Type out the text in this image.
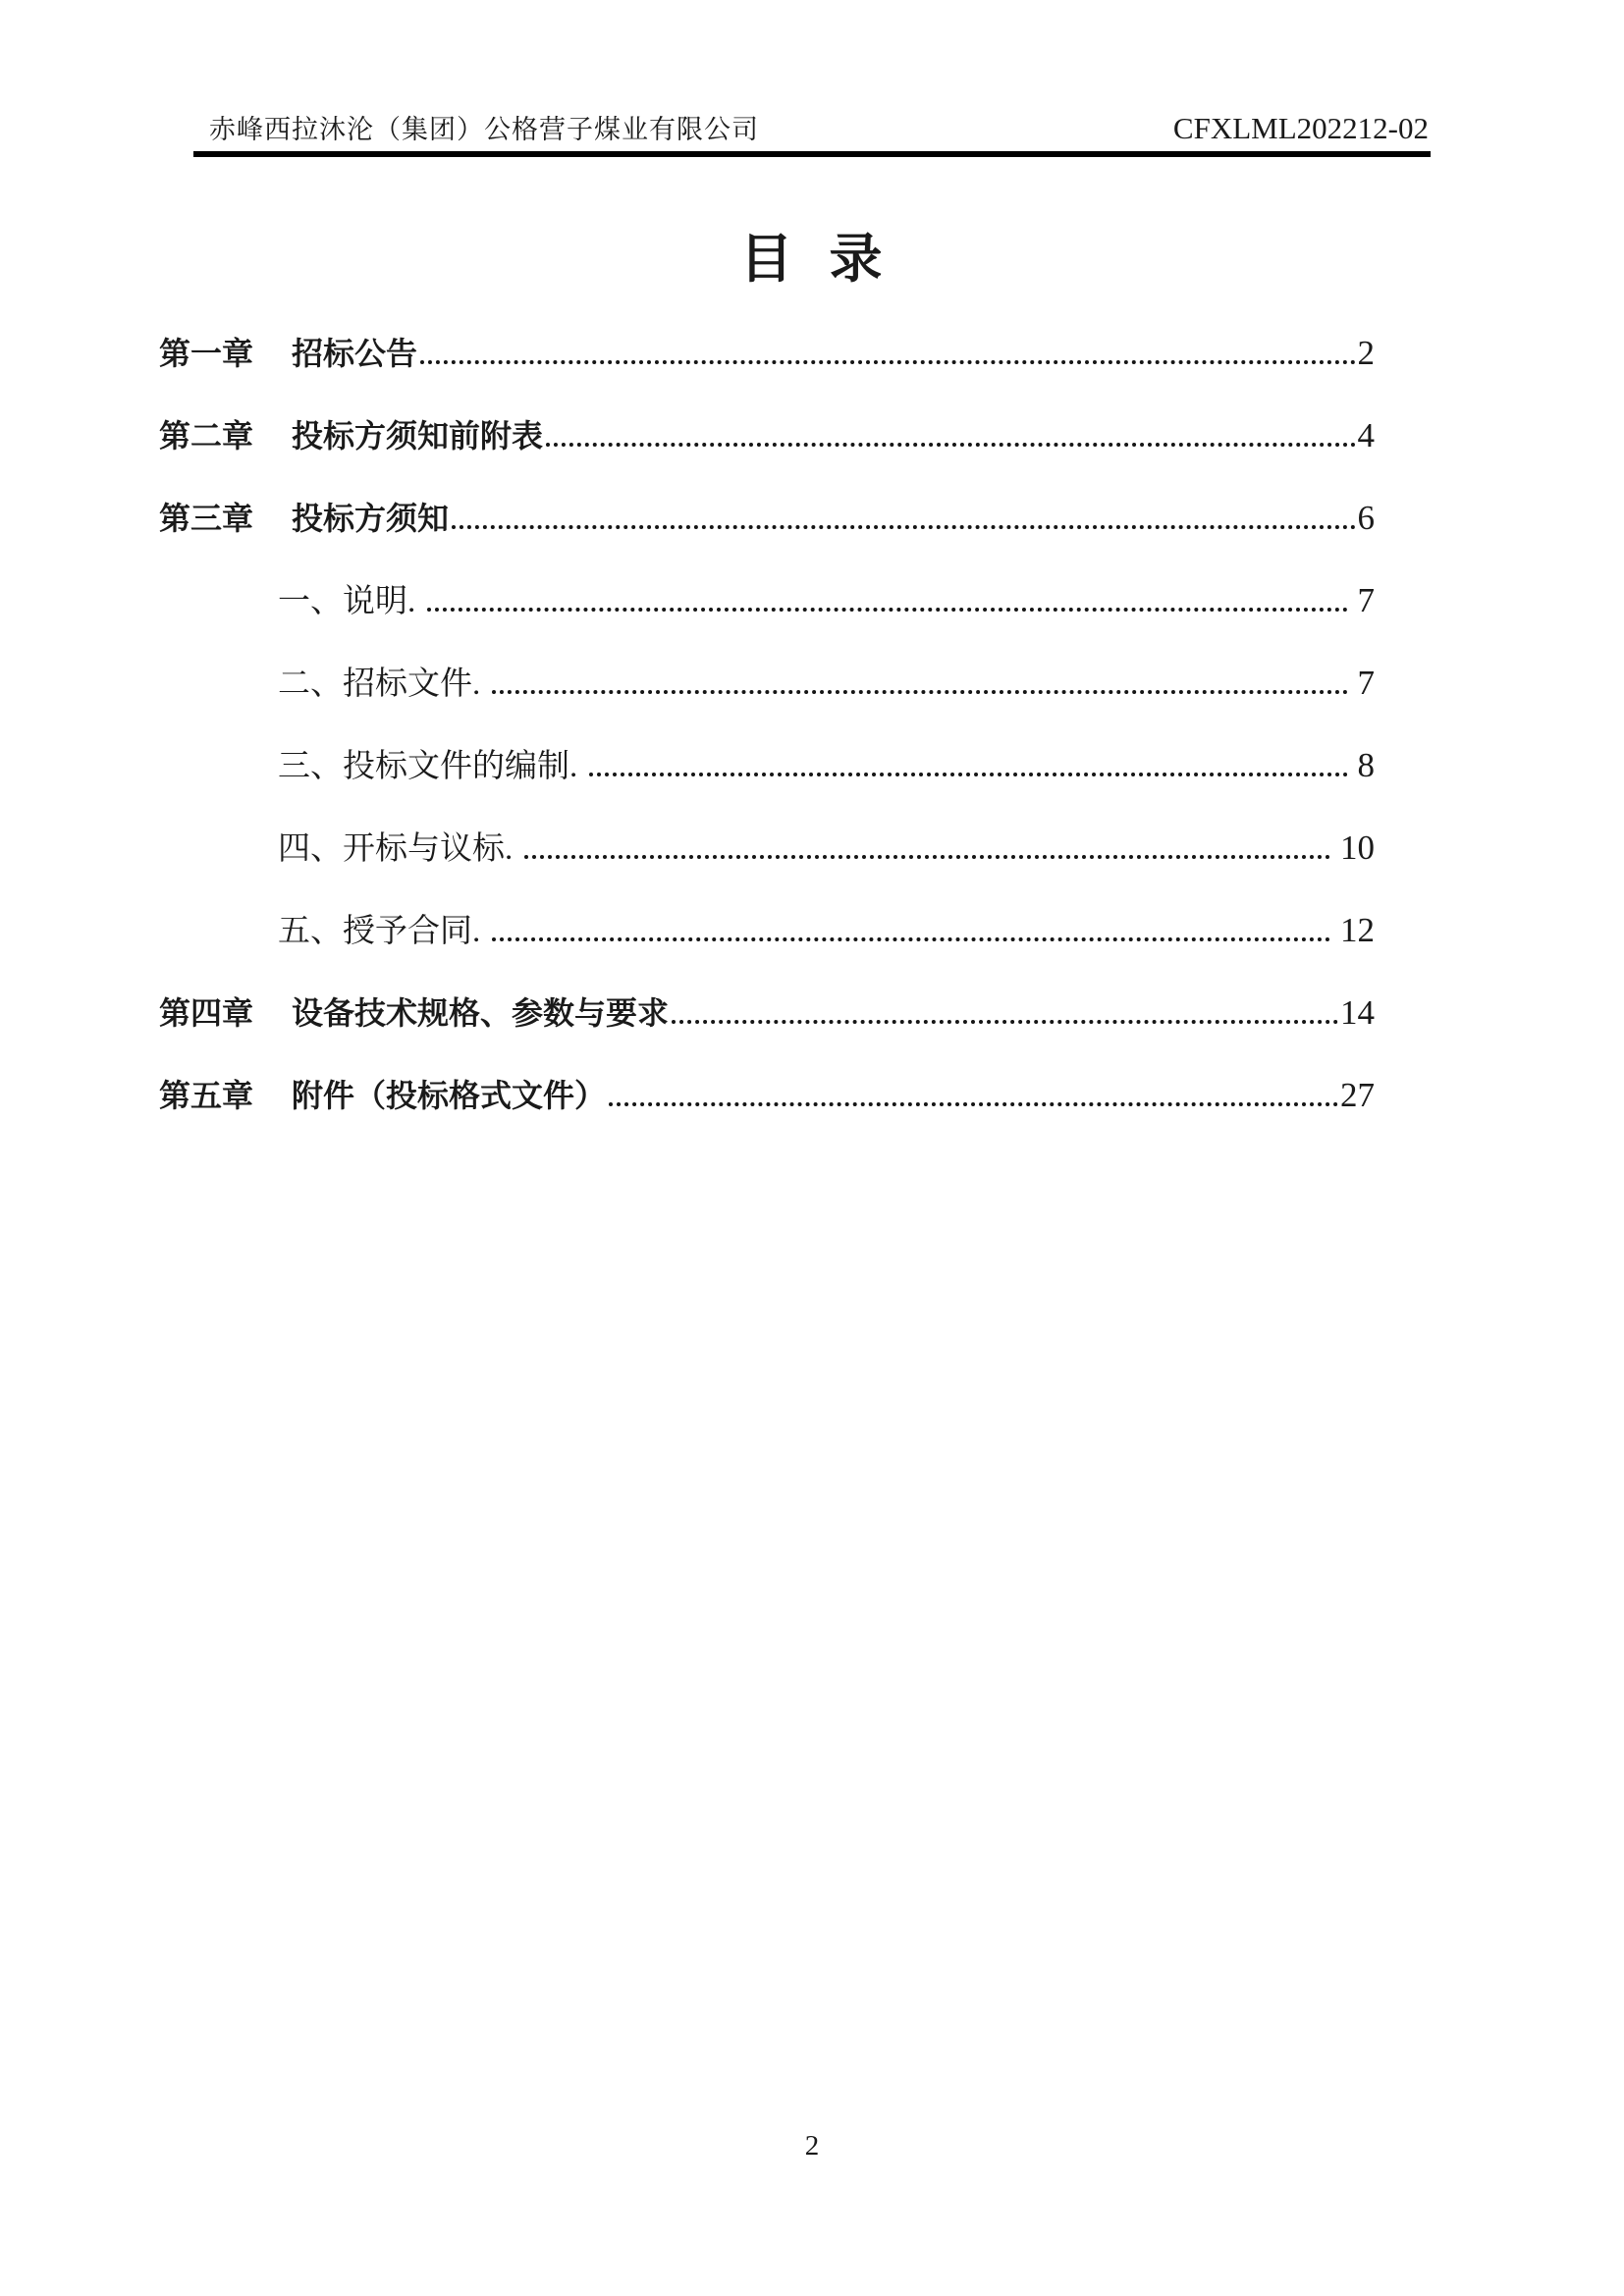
赤峰西拉沐沦（集团）公格营子煤业有限公司	CFXLML202212-02
目 录
第一章	招标公告	2
第二章	投标方须知前附表	4
第三章	投标方须知	6
一、说明.	7
二、招标文件.	7
三、投标文件的编制.	8
四、开标与议标.	10
五、授予合同.	12
第四章	设备技术规格、参数与要求	14
第五章	附件（投标格式文件）	27
2
